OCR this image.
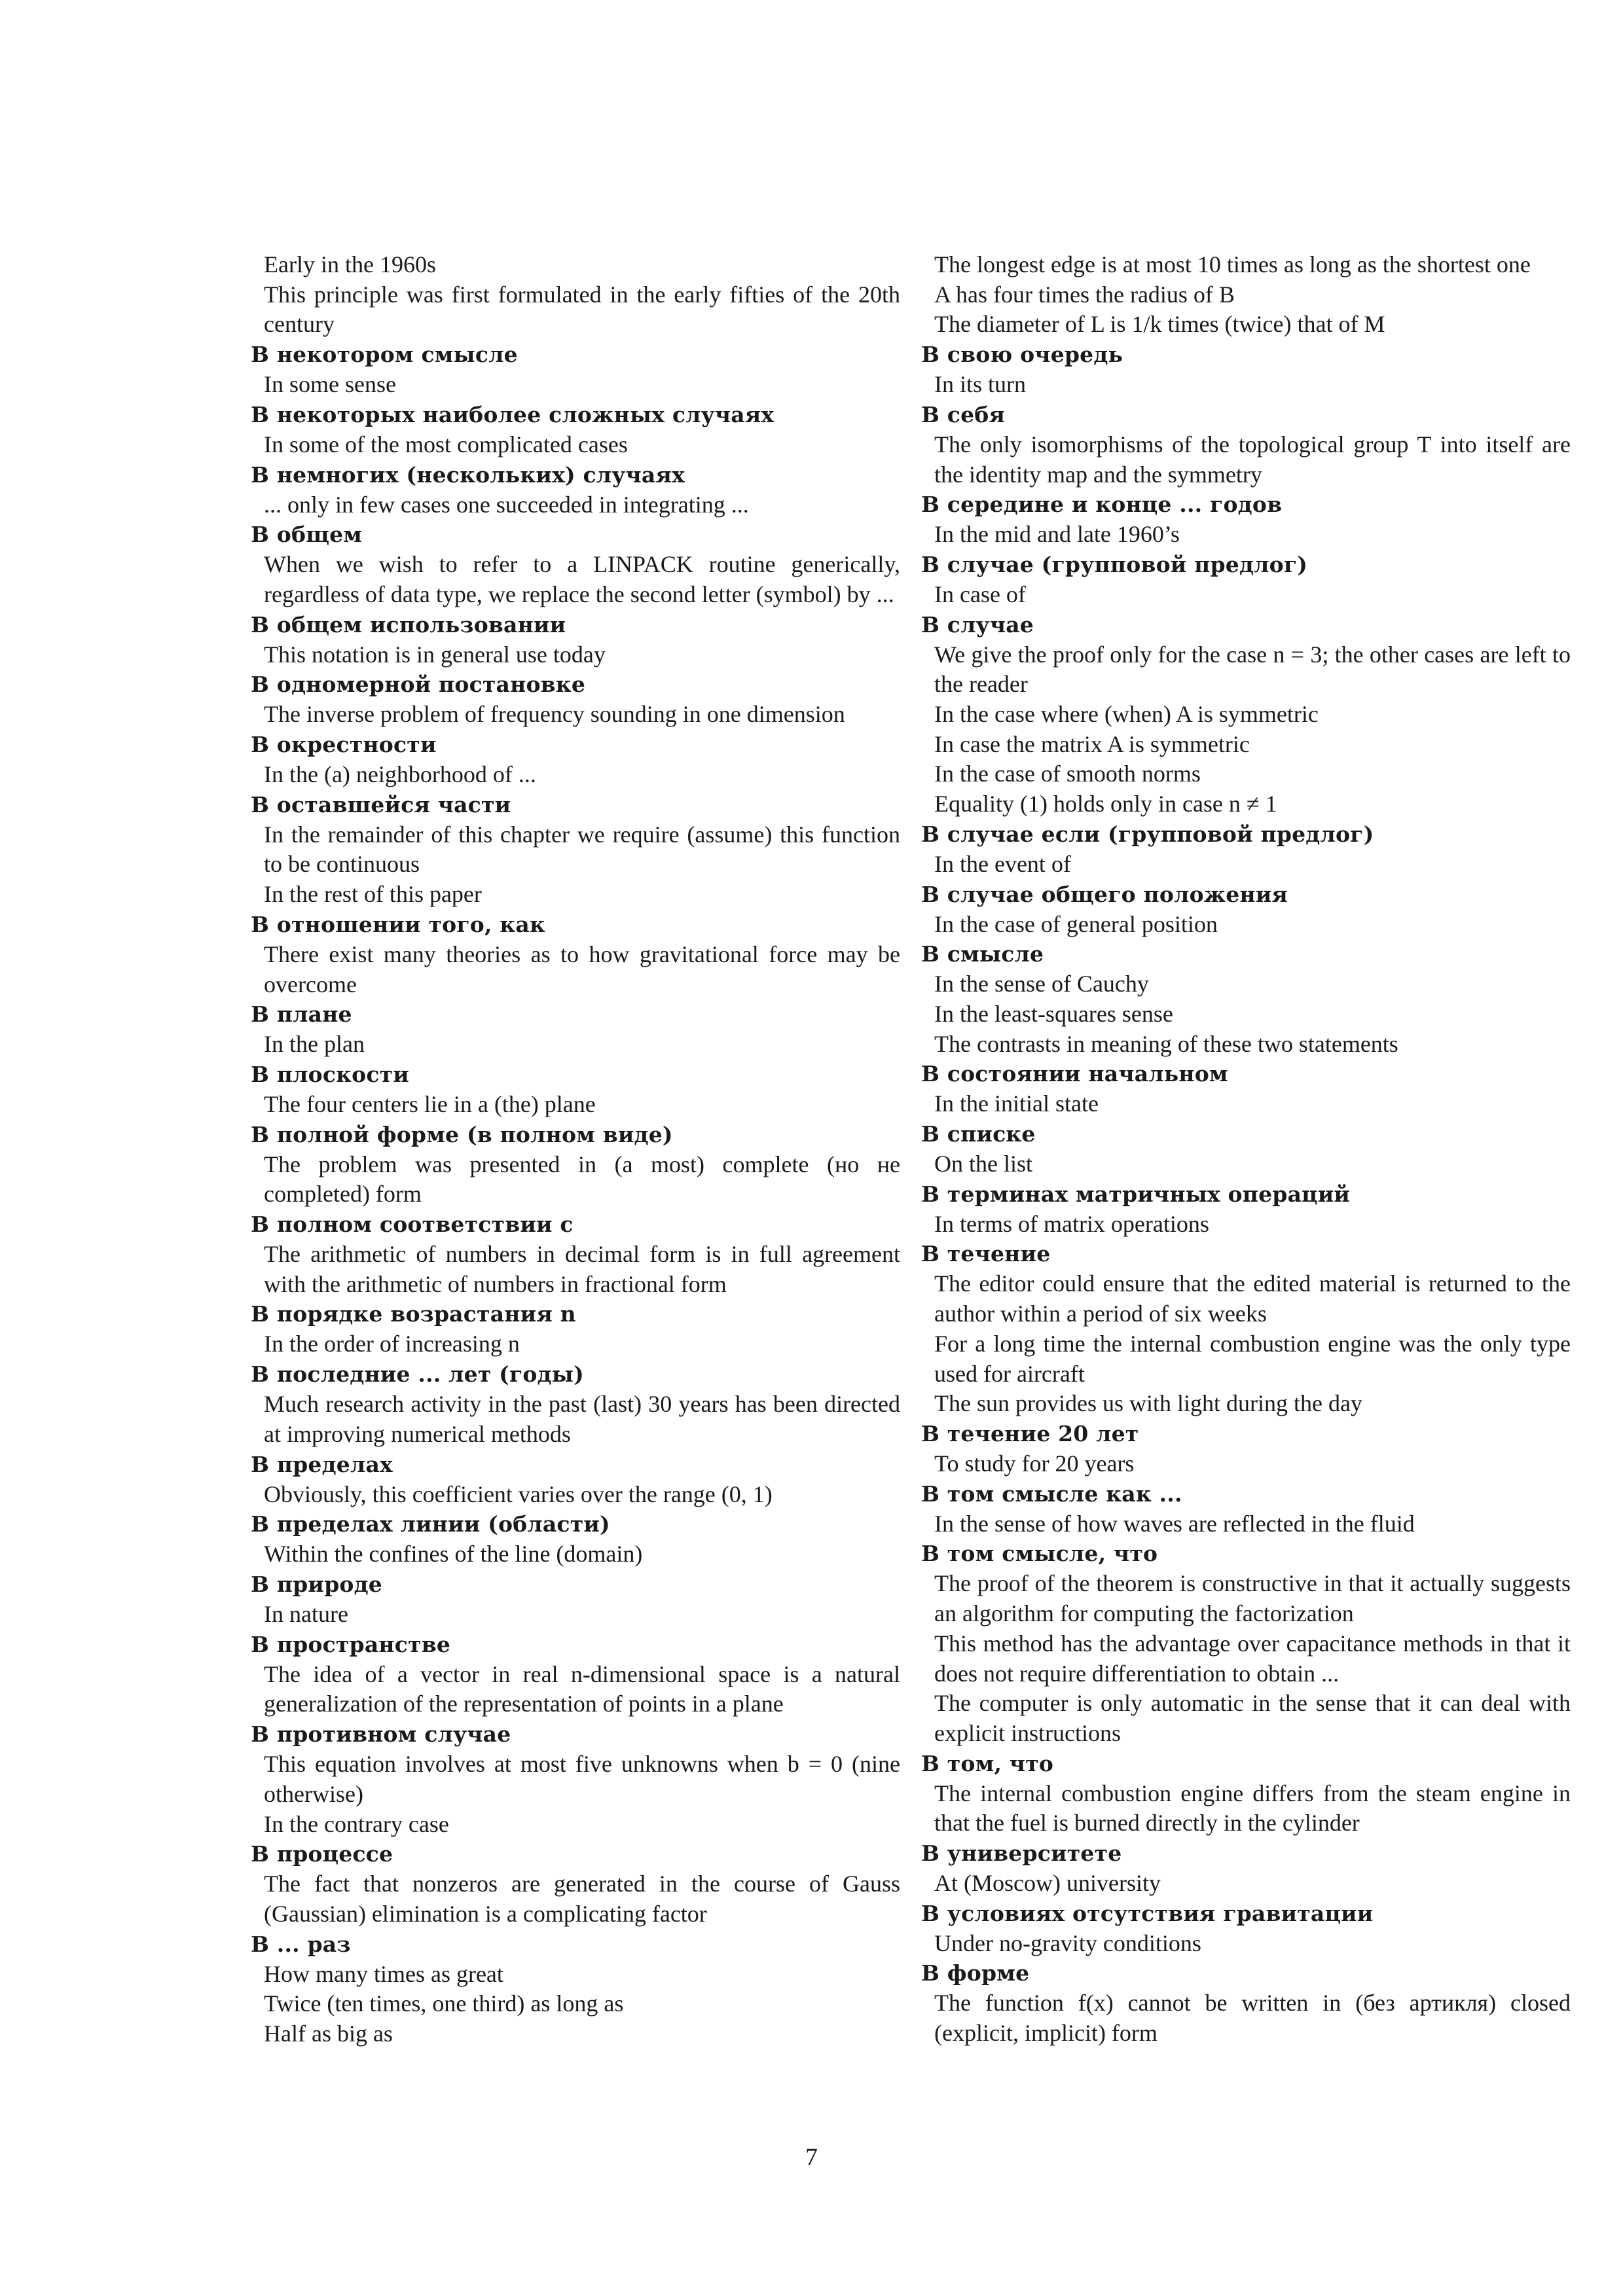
Early in the 1960s

This principle was first formulated in the early fifties of the 20th century

В некотором смысле

In some sense

В некоторых наиболее сложных случаях

In some of the most complicated cases

В немногих (нескольких) случаях

... only in few cases one succeeded in integrating ...

В общем

When we wish to refer to a LINPACK routine generically, regardless of data type, we replace the second letter (symbol) by ...

В общем использовании

This notation is in general use today

В одномерной постановке

The inverse problem of frequency sounding in one dimension

В окрестности

In the (a) neighborhood of ...

В оставшейся части

In the remainder of this chapter we require (assume) this function to be continuous

In the rest of this paper

В отношении того, как

There exist many theories as to how gravitational force may be overcome

В плане

In the plan

В плоскости

The four centers lie in a (the) plane

В полной форме (в полном виде)

The problem was presented in (a most) complete (но не completed) form

В полном соответствии с

The arithmetic of numbers in decimal form is in full agreement with the arithmetic of numbers in fractional form

В порядке возрастания n

In the order of increasing n

В последние ... лет (годы)

Much research activity in the past (last) 30 years has been directed at improving numerical methods

В пределах

Obviously, this coefficient varies over the range (0, 1)

В пределах линии (области)

Within the confines of the line (domain)

В природе

In nature

В пространстве

The idea of a vector in real n-dimensional space is a natural generalization of the representation of points in a plane

В противном случае

This equation involves at most five unknowns when b = 0 (nine otherwise)

In the contrary case

В процессе

The fact that nonzeros are generated in the course of Gauss (Gaussian) elimination is a complicating factor

В ... раз

How many times as great

Twice (ten times, one third) as long as

Half as big as

The longest edge is at most 10 times as long as the shortest one

A has four times the radius of B

The diameter of L is 1/k times (twice) that of M

В свою очередь

In its turn

В себя

The only isomorphisms of the topological group T into itself are the identity map and the symmetry

В середине и конце ... годов

In the mid and late 1960’s

В случае (групповой предлог)

In case of

В случае

We give the proof only for the case n = 3; the other cases are left to the reader

In the case where (when) A is symmetric

In case the matrix A is symmetric

In the case of smooth norms

Equality (1) holds only in case n ≠ 1

В случае если (групповой предлог)

In the event of

В случае общего положения

In the case of general position

В смысле

In the sense of Cauchy

In the least-squares sense

The contrasts in meaning of these two statements

В состоянии начальном

In the initial state

В списке

On the list

В терминах матричных операций

In terms of matrix operations

В течение

The editor could ensure that the edited material is returned to the author within a period of six weeks

For a long time the internal combustion engine was the only type used for aircraft

The sun provides us with light during the day

В течение 20 лет

To study for 20 years

В том смысле как ...

In the sense of how waves are reflected in the fluid

В том смысле, что

The proof of the theorem is constructive in that it actually suggests an algorithm for computing the factorization

This method has the advantage over capacitance methods in that it does not require differentiation to obtain ...

The computer is only automatic in the sense that it can deal with explicit instructions

В том, что

The internal combustion engine differs from the steam engine in that the fuel is burned directly in the cylinder

В университете

At (Moscow) university

В условиях отсутствия гравитации

Under no-gravity conditions

В форме

The function f(x) cannot be written in (без артикля) closed (explicit, implicit) form

7
